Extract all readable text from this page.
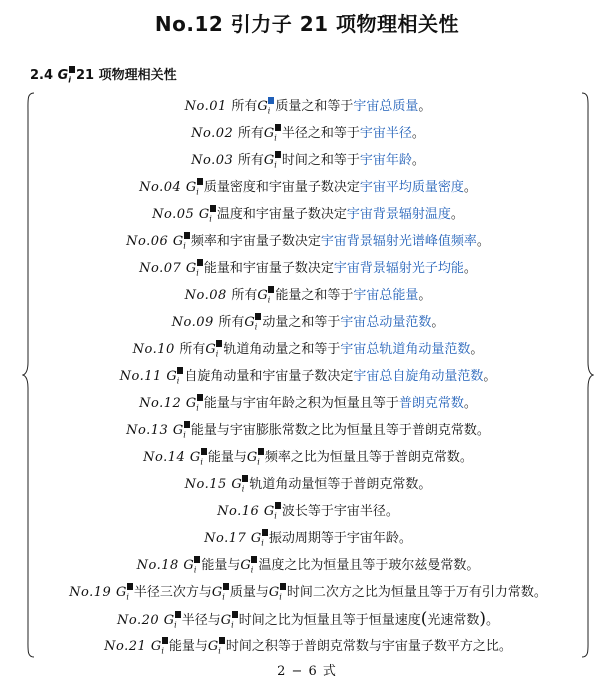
No.12 引力子 21 项物理相关性
2.4 $G_i$ 21 项物理相关性
No.01 所有$G_i$ 质量之和等于宇宙总质量。
No.02 所有$G_i$ 半径之和等于宇宙半径。
No.03 所有$G_i$ 时间之和等于宇宙年龄。
No.04 $G_i$ 质量密度和宇宙量子数决定宇宙平均质量密度。
No.05 $G_i$ 温度和宇宙量子数决定宇宙背景辐射温度。
No.06 $G_i$ 频率和宇宙量子数决定宇宙背景辐射光谱峰值频率。
No.07 $G_i$ 能量和宇宙量子数决定宇宙背景辐射光子均能。
No.08 所有$G_i$ 能量之和等于宇宙总能量。
No.09 所有$G_i$ 动量之和等于宇宙总动量范数。
No.10 所有$G_i$ 轨道角动量之和等于宇宙总轨道角动量范数。
No.11 $G_i$ 自旋角动量和宇宙量子数决定宇宙总自旋角动量范数。
No.12 $G_i$ 能量与宇宙年龄之积为恒量且等于普朗克常数。
No.13 $G_i$ 能量与宇宙膨胀常数之比为恒量且等于普朗克常数。
No.14 $G_i$ 能量与$G_i$ 频率之比为恒量且等于普朗克常数。
No.15 $G_i$ 轨道角动量恒等于普朗克常数。
No.16 $G_i$ 波长等于宇宙半径。
No.17 $G_i$ 振动周期等于宇宙年龄。
No.18 $G_i$ 能量与$G_i$ 温度之比为恒量且等于玻尔兹曼常数。
No.19 $G_i$ 半径三次方与$G_i$ 质量与$G_i$ 时间二次方之比为恒量且等于万有引力常数。
No.20 $G_i$ 半径与$G_i$ 时间之比为恒量且等于恒量速度(光速常数)。
No.21 $G_i$ 能量与$G_i$ 时间之积等于普朗克常数与宇宙量子数平方之比。
2 − 6 式
